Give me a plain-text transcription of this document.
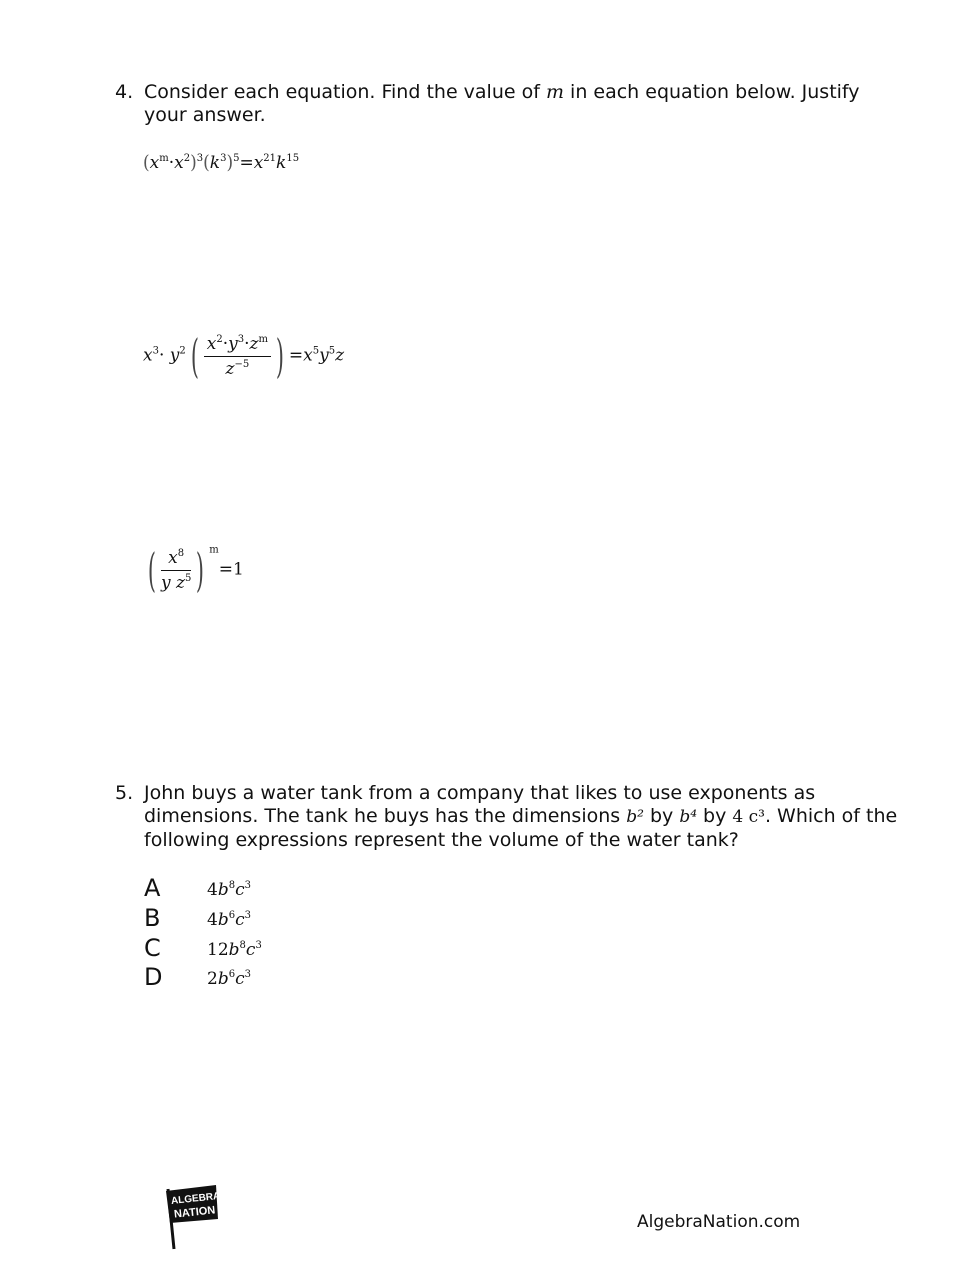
4. Consider each equation. Find the value of m in each equation below. Justify your answer.
$(x^m\cdot x^2)^3(k^3)^5=x^{21}k^{15}$
$x^3\cdot y^2$ ( $\frac{x^2\cdot y^3\cdot z^m}{z^{-5}}$ ) $=x^5y^5z$
( $\frac{x^8}{y z^5}$ ) $^m$=1
5. John buys a water tank from a company that likes to use exponents as dimensions. The tank he buys has the dimensions b² by b⁴ by 4 c³. Which of the following expressions represent the volume of the water tank?
A	$4b^8c^3$
B	$4b^6c^3$
C	$12b^8c^3$
D	$2b^6c^3$
ALGEBRA
NATION	AlgebraNation.com
